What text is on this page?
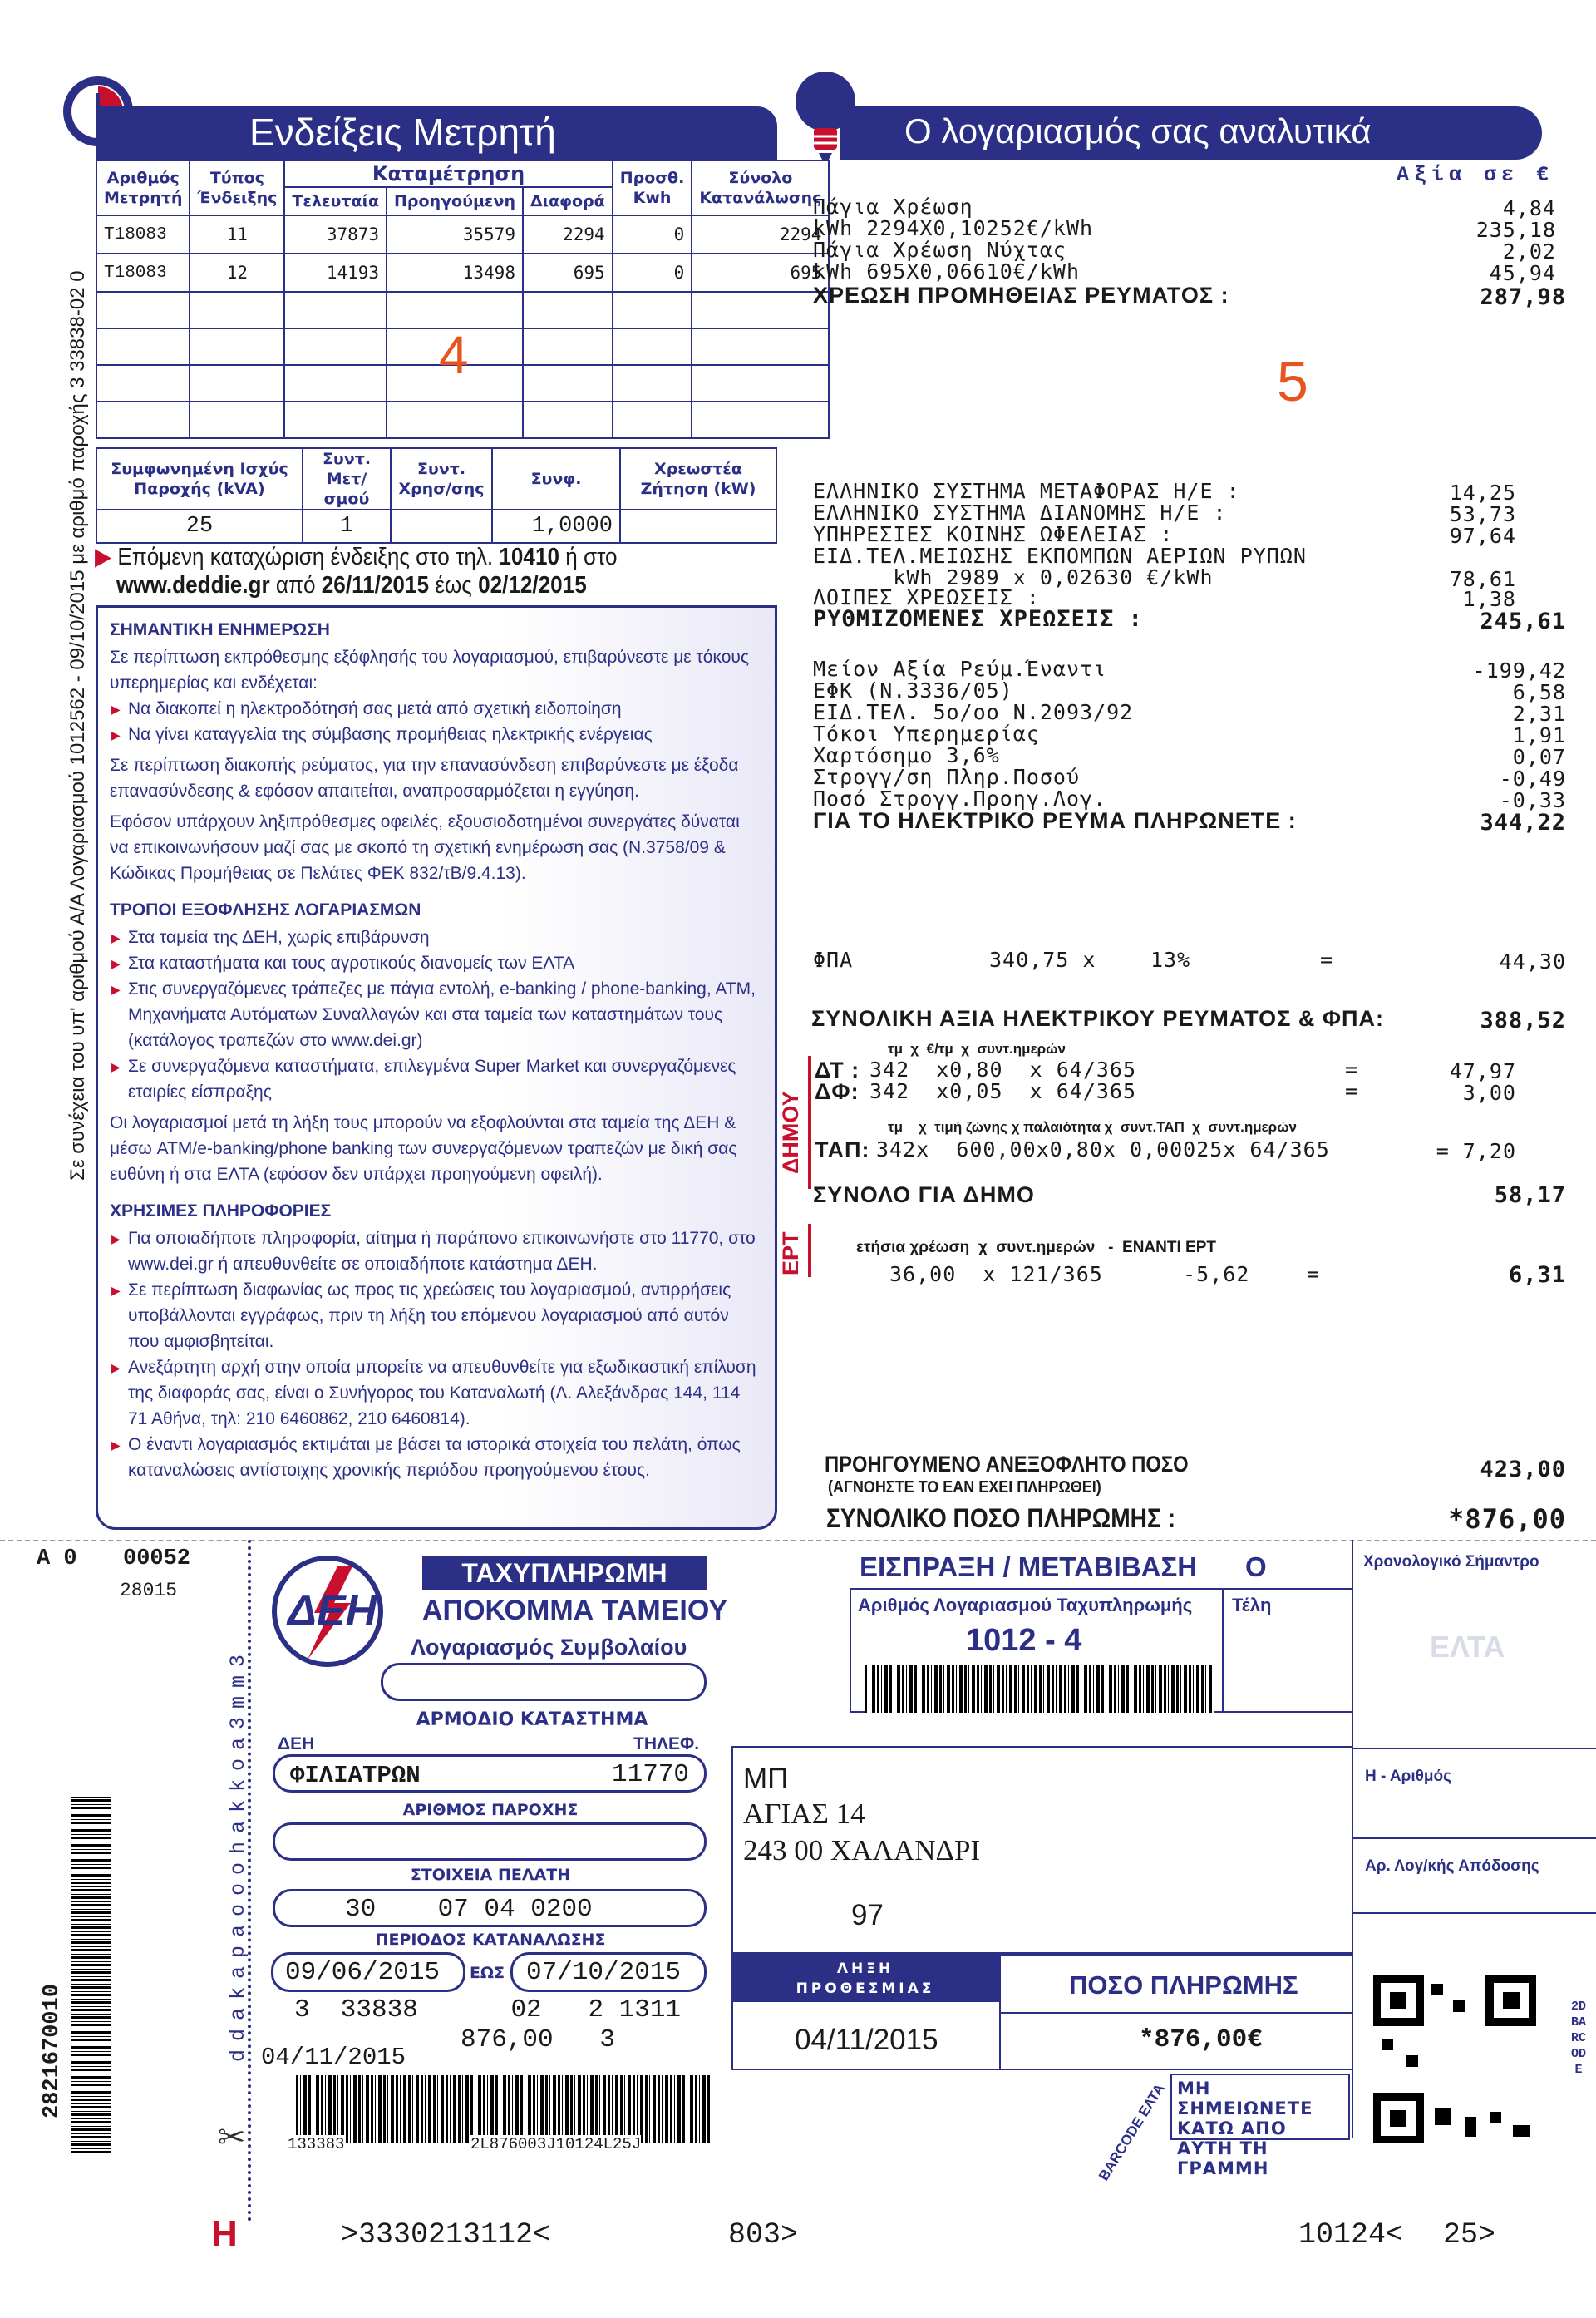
Σε συνέχεια του υπ' αριθμού Α/Α Λογαριασμού 1012562 - 09/10/2015 με αριθμό παροχής 3 33838-02 0
Ενδείξεις Μετρητή
Αριθμός Μετρητή	Τύπος Ένδειξης	Καταμέτρηση			Προσθ. Kwh	Σύνολο Κατανάλωσης
		Τελευταία	Προηγούμενη	Διαφορά		
T18083	11	37873	35579	2294	0	2294
T18083	12	14193	13498	695	0	695

4
Συμφωνημένη Ισχύς Παροχής (kVA)	Συντ. Μετ/σμού	Συντ. Χρησ/σης	Συνφ.	Χρεωστέα Ζήτηση (kW)
25	1		1,0000	
▶ Επόμενη καταχώριση ένδειξης στο τηλ. 10410 ή στο
www.deddie.gr από 26/11/2015 έως 02/12/2015
ΣΗΜΑΝΤΙΚΗ ΕΝΗΜΕΡΩΣΗ

Σε περίπτωση εκπρόθεσμης εξόφλησής του λογαριασμού, επιβαρύνεστε με τόκους υπερημερίας και ενδέχεται:

▶ Να διακοπεί η ηλεκτροδότησή σας μετά από σχετική ειδοποίηση
▶ Να γίνει καταγγελία της σύμβασης προμήθειας ηλεκτρικής ενέργειας

Σε περίπτωση διακοπής ρεύματος, για την επανασύνδεση επιβαρύνεστε με έξοδα επανασύνδεσης & εφόσον απαιτείται, αναπροσαρμόζεται η εγγύηση.

Εφόσον υπάρχουν ληξιπρόθεσμες οφειλές, εξουσιοδοτημένοι συνεργάτες δύναται να επικοινωνήσουν μαζί σας με σκοπό τη σχετική ενημέρωση σας (Ν.3758/09 & Κώδικας Προμήθειας σε Πελάτες ΦΕΚ 832/τΒ/9.4.13).

ΤΡΟΠΟΙ ΕΞΟΦΛΗΣΗΣ ΛΟΓΑΡΙΑΣΜΩΝ
▶ Στα ταμεία της ΔΕΗ, χωρίς επιβάρυνση
▶ Στα καταστήματα και τους αγροτικούς διανομείς των ΕΛΤΑ
▶ Στις συνεργαζόμενες τράπεζες με πάγια εντολή, e-banking / phone-banking, ATM, Μηχανήματα Αυτόματων Συναλλαγών και στα ταμεία των καταστημάτων τους (κατάλογος τραπεζών στο www.dei.gr)
▶ Σε συνεργαζόμενα καταστήματα, επιλεγμένα Super Market και συνεργαζόμενες εταιρίες είσπραξης

Οι λογαριασμοί μετά τη λήξη τους μπορούν να εξοφλούνται στα ταμεία της ΔΕΗ & μέσω ATM/e-banking/phone banking των συνεργαζόμενων τραπεζών με δική σας ευθύνη ή στα ΕΛΤΑ (εφόσον δεν υπάρχει προηγούμενη οφειλή).

ΧΡΗΣΙΜΕΣ ΠΛΗΡΟΦΟΡΙΕΣ
▶ Για οποιαδήποτε πληροφορία, αίτημα ή παράπονο επικοινωνήστε στο 11770, στο www.dei.gr ή απευθυνθείτε σε οποιαδήποτε κατάστημα ΔΕΗ.
▶ Σε περίπτωση διαφωνίας ως προς τις χρεώσεις του λογαριασμού, αντιρρήσεις υποβάλλονται εγγράφως, πριν τη λήξη του επόμενου λογαριασμού από αυτόν που αμφισβητείται.
▶ Ανεξάρτητη αρχή στην οποία μπορείτε να απευθυνθείτε για εξωδικαστική επίλυση της διαφοράς σας, είναι ο Συνήγορος του Καταναλωτή (Λ. Αλεξάνδρας 144, 114 71 Αθήνα, τηλ: 210 6460862, 210 6460814).
▶ Ο έναντι λογαριασμός εκτιμάται με βάσει τα ιστορικά στοιχεία του πελάτη, όπως καταναλώσεις αντίστοιχης χρονικής περιόδου προηγούμενου έτους.
Ο λογαριασμός σας αναλυτικά
Αξία σε €
5
Πάγια Χρέωση	4,84
kWh 2294Χ0,10252€/kWh	235,18
Πάγια Χρέωση Νύχτας	2,02
kWh 695Χ0,06610€/kWh	45,94
ΧΡΕΩΣΗ ΠΡΟΜΗΘΕΙΑΣ ΡΕΥΜΑΤΟΣ :	287,98
ΕΛΛΗΝΙΚΟ ΣΥΣΤΗΜΑ ΜΕΤΑΦΟΡΑΣ Η/Ε :	14,25
ΕΛΛΗΝΙΚΟ ΣΥΣΤΗΜΑ ΔΙΑΝΟΜΗΣ Η/Ε :	53,73
ΥΠΗΡΕΣΙΕΣ ΚΟΙΝΗΣ ΩΦΕΛΕΙΑΣ :	97,64
ΕΙΔ.ΤΕΛ.ΜΕΙΩΣΗΣ ΕΚΠΟΜΠΩΝ ΑΕΡΙΩΝ ΡΥΠΩΝ
kWh 2989 x 0,02630 €/kWh	78,61
ΛΟΙΠΕΣ ΧΡΕΩΣΕΙΣ :	1,38
ΡΥΘΜΙΖΟΜΕΝΕΣ ΧΡΕΩΣΕΙΣ :	245,61
Μείον Αξία Ρεύμ.Έναντι	-199,42
ΕΦΚ (Ν.3336/05)	6,58
ΕΙΔ.ΤΕΛ. 5ο/οο Ν.2093/92	2,31
Τόκοι Υπερημερίας	1,91
Χαρτόσημο 3,6%	0,07
Στρογγ/ση Πληρ.Ποσού	-0,49
Ποσό Στρογγ.Προηγ.Λογ.	-0,33
ΓΙΑ ΤΟ ΗΛΕΚΤΡΙΚΟ ΡΕΥΜΑ ΠΛΗΡΩΝΕΤΕ :	344,22
ΦΠΑ	340,75 x	13%	=	44,30
ΣΥΝΟΛΙΚΗ ΑΞΙΑ ΗΛΕΚΤΡΙΚΟΥ ΡΕΥΜΑΤΟΣ & ΦΠΑ:	388,52
ΔΗΜΟΥ
τμ  χ  €/τμ  χ  συντ.ημερών
ΔΤ : 342  x0,80  x 64/365	=	47,97
ΔΦ: 342  x0,05  x 64/365	=	3,00
τμ    χ  τιμή ζώνης χ παλαιότητα χ  συντ.ΤΑΠ  χ  συντ.ημερών
ΤΑΠ: 342x  600,00x0,80x 0,00025x 64/365	= 7,20
ΣΥΝΟΛΟ ΓΙΑ ΔΗΜΟ	58,17
ΕΡΤ	ετήσια χρέωση  χ  συντ.ημερών   -  ΕΝΑΝΤΙ ΕΡΤ
36,00  x 121/365      -5,62	=	6,31
ΠΡΟΗΓΟΥΜΕΝΟ ΑΝΕΞΟΦΛΗΤΟ ΠΟΣΟ
(ΑΓΝΟΗΣΤΕ ΤΟ ΕΑΝ ΕΧΕΙ ΠΛΗΡΩΘΕΙ)
423,00
ΣΥΝΟΛΙΚΟ ΠΟΣΟ ΠΛΗΡΩΜΗΣ :	*876,00
A 0 00052
28015
2821670010	ddakapaooohakkoa3mm3
✂
H
ΔΕΗ
ΤΑΧΥΠΛΗΡΩΜΗ
ΑΠΟΚΟΜΜΑ ΤΑΜΕΙΟΥ
Λογαριασμός Συμβολαίου
ΑΡΜΟΔΙΟ ΚΑΤΑΣΤΗΜΑ
ΔΕΗ	ΤΗΛΕΦ.
ΦΙΛΙΑΤΡΩΝ	11770
ΑΡΙΘΜΟΣ ΠΑΡΟΧΗΣ
ΣΤΟΙΧΕΙΑ ΠΕΛΑΤΗ
30    07 04 0200
ΠΕΡΙΟΔΟΣ ΚΑΤΑΝΑΛΩΣΗΣ
09/06/2015 ΕΩΣ 07/10/2015
3  33838      02   2 1311
876,00   3
04/11/2015
133383	2L876003J10124L25J
ΕΙΣΠΡΑΞΗ / ΜΕΤΑΒΙΒΑΣΗ Ο
Αριθμός Λογαριασμού Ταχυπληρωμής Τέλη
1012 - 4
ΜΠ
ΑΓΙΑΣ 14
243 00 ΧΑΛΑΝΔΡΙ
97
ΛΗΞΗ ΠΡΟΘΕΣΜΙΑΣ ΠΛΗΡΩΜΗΣ
04/11/2015
ΠΟΣΟ ΠΛΗΡΩΜΗΣ
*876,00€
BARCODE ΕΛΤΑ ΜΗ ΣΗΜΕΙΩΝΕΤΕ ΚΑΤΩ ΑΠΟ ΑΥΤΗ ΤΗ ΓΡΑΜΜΗ
Χρονολογικό Σήμαντρο
ΕΛΤΑ
Η - Αριθμός
Αρ. Λογ/κής Απόδοσης
2D BARCODE
>3330213112<	803>	10124< 25>
